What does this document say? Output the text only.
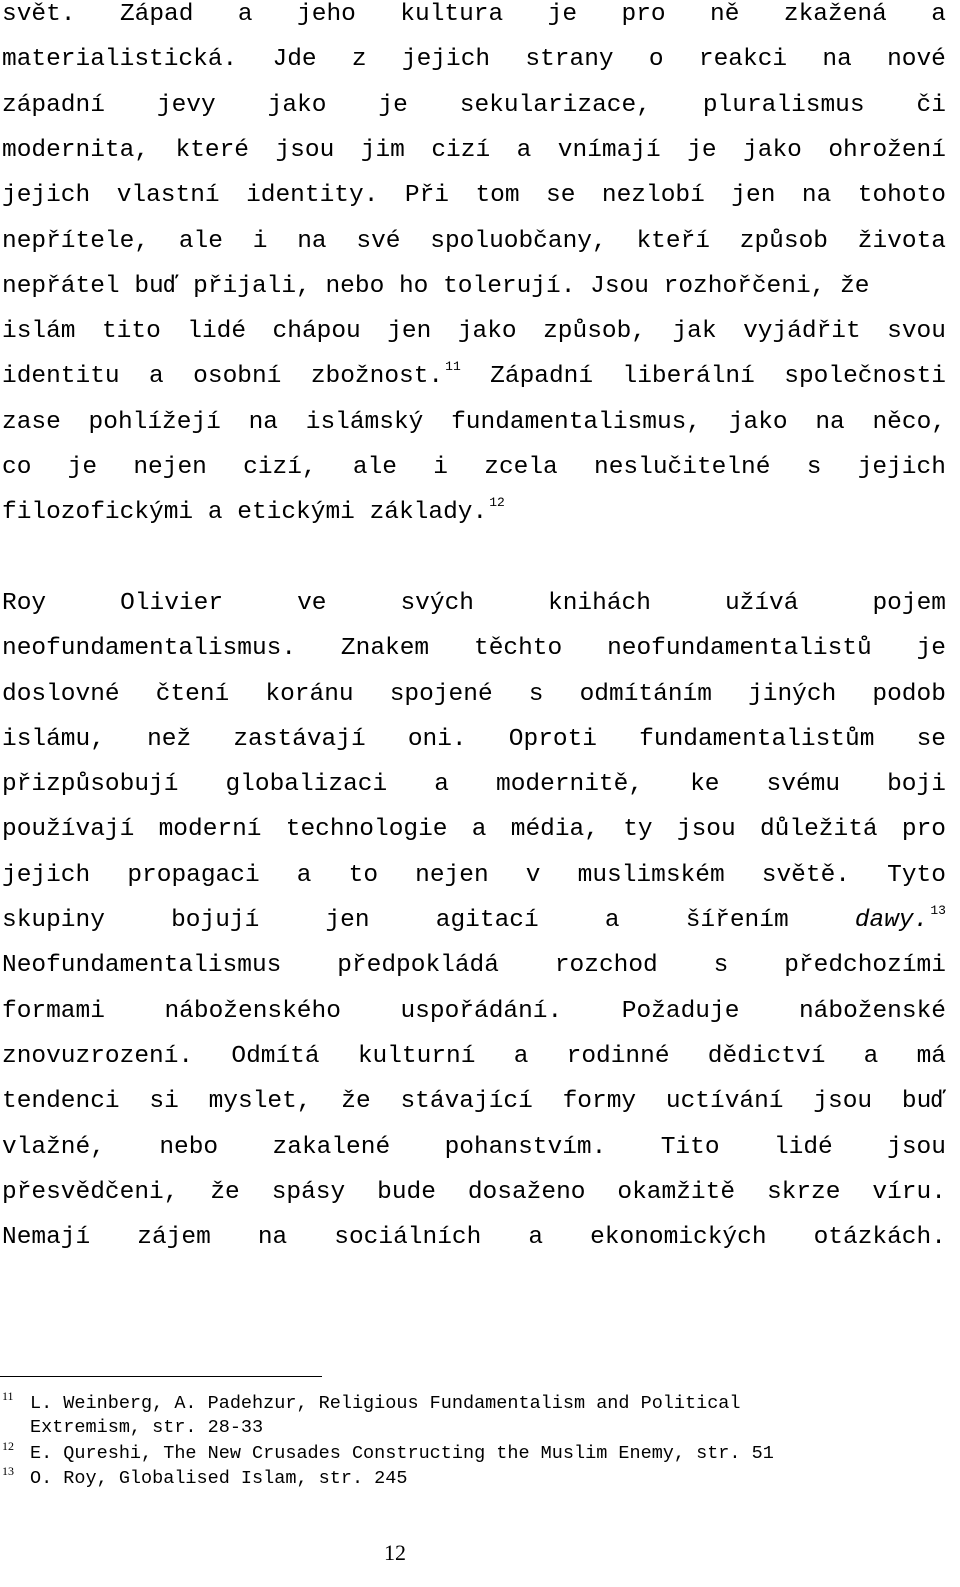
svět. Západ a jeho kultura je pro ně zkažená a
materialistická. Jde z jejich strany o reakci na nové
západní jevy jako je sekularizace, pluralismus či
modernita, které jsou jim cizí a vnímají je jako ohrožení
jejich vlastní identity. Při tom se nezlobí jen na tohoto
nepřítele, ale i na své spoluobčany, kteří způsob života
nepřátel buď přijali, nebo ho tolerují. Jsou rozhořčeni, že
islám tito lidé chápou jen jako způsob, jak vyjádřit svou
identitu a osobní zbožnost. $^{11}$ Západní liberální společnosti
zase pohlížejí na islámský fundamentalismus, jako na něco,
co je nejen cizí, ale i zcela neslučitelné s jejich
filozofickými a etickými základy. $^{12}$
Roy	Olivier	ve	svých	knihách	užívá	pojem
neofundamentalismus. Znakem těchto neofundamentalistů je
doslovné čtení koránu spojené s odmítáním jiných podob
islámu, než zastávají oni. Oproti fundamentalistům se
přizpůsobují globalizaci a modernitě, ke svému boji
používají moderní technologie a média, ty jsou důležitá pro
jejich propagaci a to nejen v muslimském světě. Tyto
skupiny	bojují	jen	agitací	a	šířením	dawy. $^{13}$
Neofundamentalismus předpokládá rozchod s předchozími
formami náboženského uspořádání. Požaduje náboženské
znovuzrození. Odmítá kulturní a rodinné dědictví a má
tendenci si myslet, že stávající formy uctívání jsou buď
vlažné, nebo zakalené pohanstvím. Tito lidé jsou
přesvědčeni, že spásy bude dosaženo okamžitě skrze víru.
Nemají zájem na sociálních a ekonomických otázkách.
11 L. Weinberg, A. Padehzur, Religious Fundamentalism and Political
Extremism, str. 28-33
12 E. Qureshi, The New Crusades Constructing the Muslim Enemy, str. 51
13 O. Roy, Globalised Islam, str. 245
12
